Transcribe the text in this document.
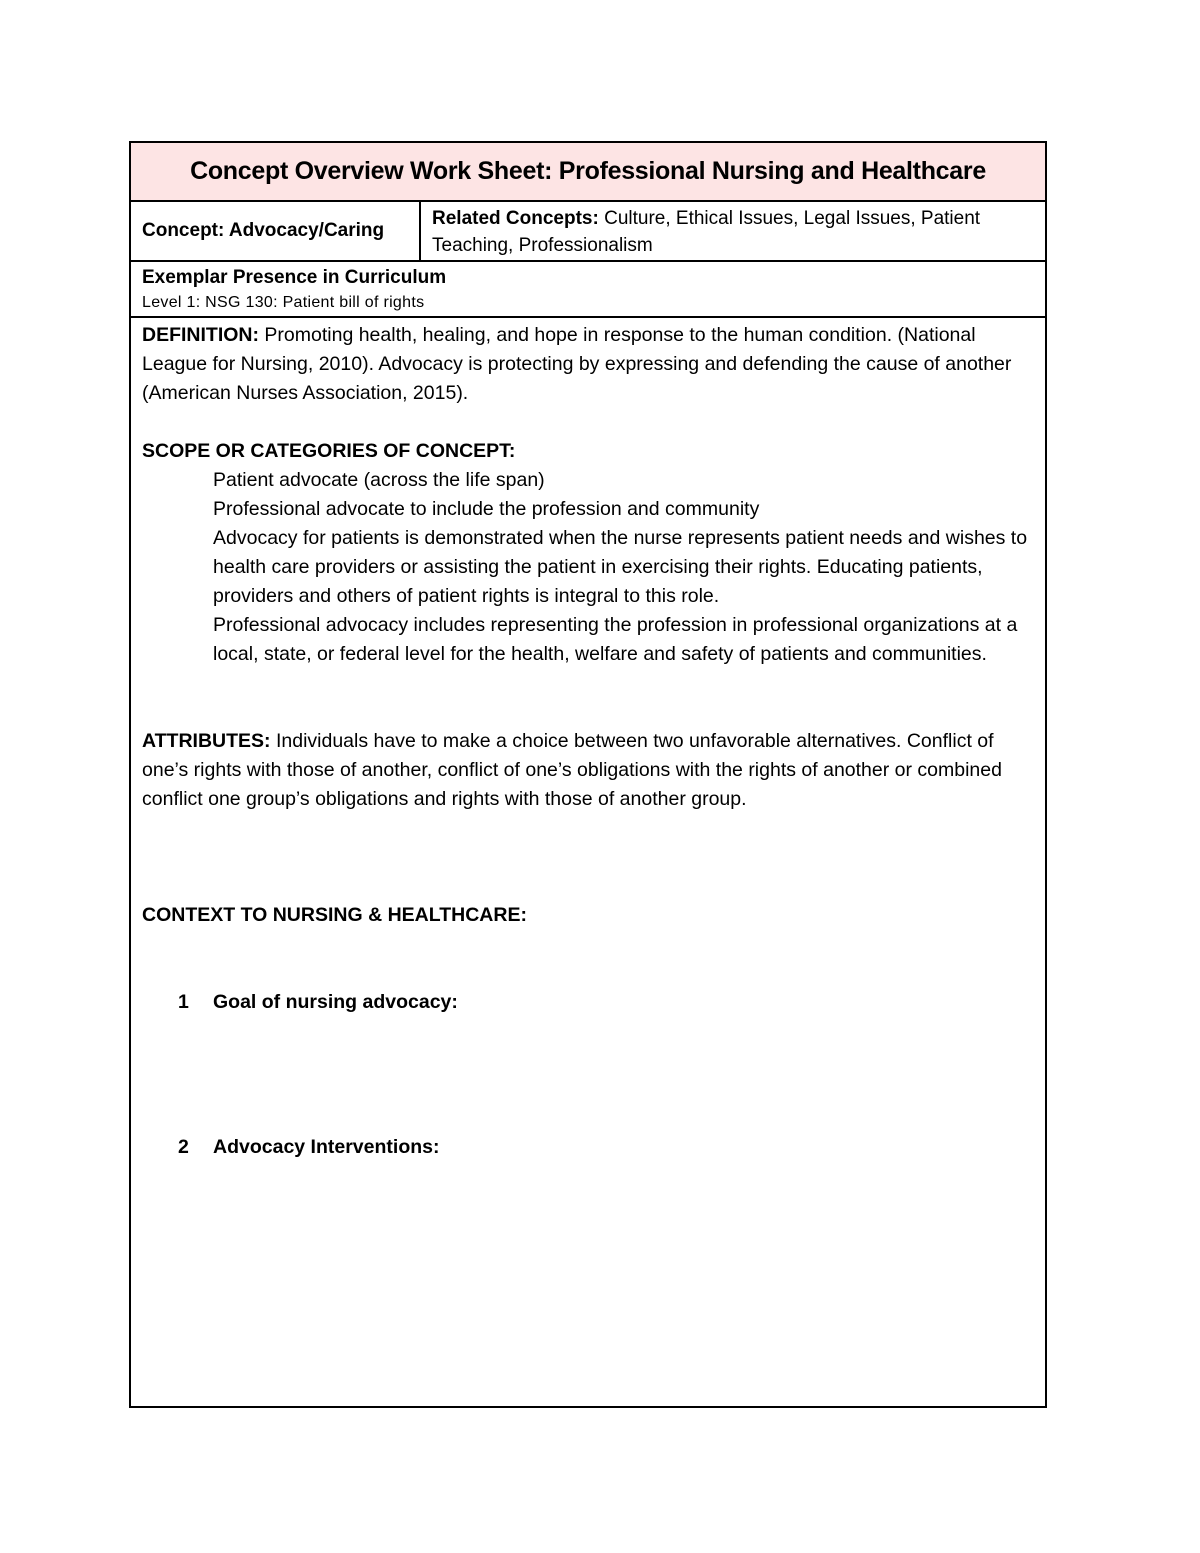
Concept Overview Work Sheet: Professional Nursing and Healthcare
Concept: Advocacy/Caring
Related Concepts: Culture, Ethical Issues, Legal Issues, Patient Teaching, Professionalism
Exemplar Presence in Curriculum
Level 1: NSG 130: Patient bill of rights
DEFINITION: Promoting health, healing, and hope in response to the human condition. (National League for Nursing, 2010). Advocacy is protecting by expressing and defending the cause of another (American Nurses Association, 2015).
SCOPE OR CATEGORIES OF CONCEPT:
Patient advocate (across the life span)
Professional advocate to include the profession and community
Advocacy for patients is demonstrated when the nurse represents patient needs and wishes to health care providers or assisting the patient in exercising their rights. Educating patients, providers and others of patient rights is integral to this role.
Professional advocacy includes representing the profession in professional organizations at a local, state, or federal level for the health, welfare and safety of patients and communities.
ATTRIBUTES: Individuals have to make a choice between two unfavorable alternatives. Conflict of one’s rights with those of another, conflict of one’s obligations with the rights of another or combined conflict one group’s obligations and rights with those of another group.
CONTEXT TO NURSING & HEALTHCARE:
1	Goal of nursing advocacy:
2	Advocacy Interventions:
